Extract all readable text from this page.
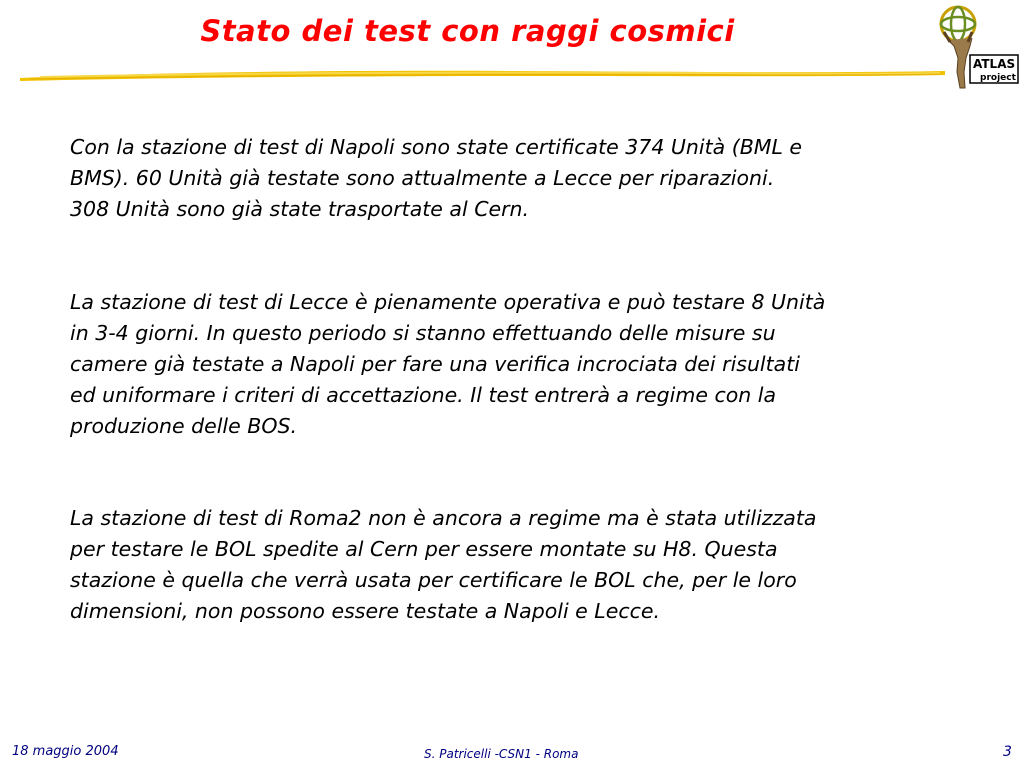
Stato dei test con raggi cosmici
ATLAS
project

Con la stazione di test di Napoli sono state certificate 374 Unità (BML e
BMS). 60 Unità già testate sono attualmente a Lecce per riparazioni.
308 Unità sono già state trasportate al Cern.

La stazione di test di Lecce è pienamente operativa e può testare 8 Unità
in 3-4 giorni. In questo periodo si stanno effettuando delle misure su
camere già testate a Napoli per fare una verifica incrociata dei risultati
ed uniformare i criteri di accettazione. Il test entrerà a regime con la
produzione delle BOS.

La stazione di test di Roma2 non è ancora a regime ma è stata utilizzata
per testare le BOL spedite al Cern per essere montate su H8. Questa
stazione è quella che verrà usata per certificare le BOL che, per le loro
dimensioni, non possono essere testate a Napoli e Lecce.

18 maggio 2004	S. Patricelli -CSN1 - Roma	3
